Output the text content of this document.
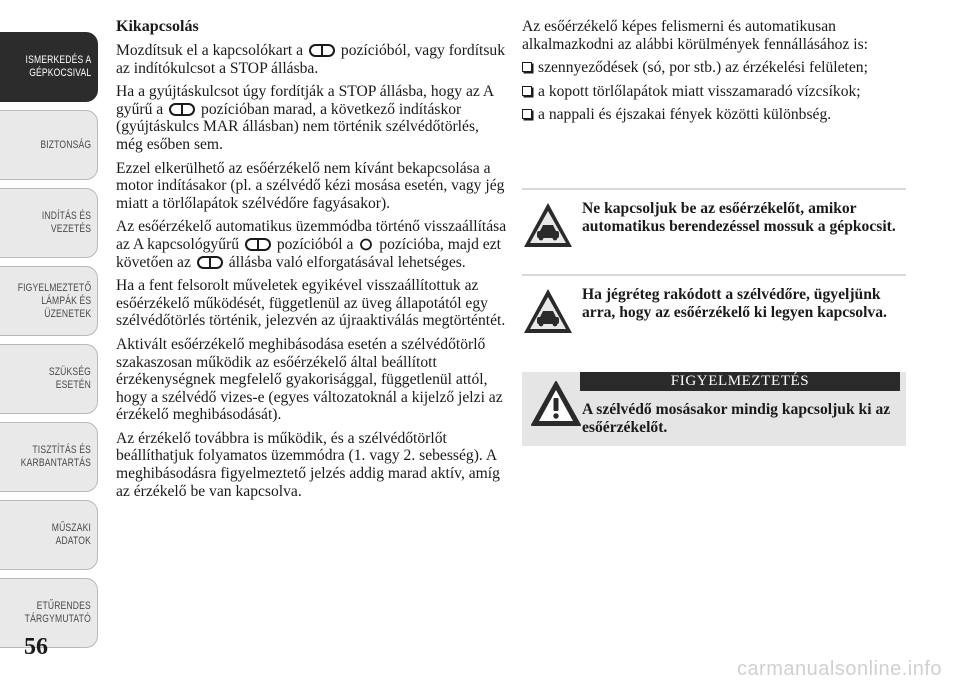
ISMERKEDÉS A
GÉPKOCSIVAL
BIZTONSÁG
INDÍTÁS ÉS
VEZETÉS
FIGYELMEZTETŐ
LÁMPÁK ÉS
ÜZENETEK
SZÜKSÉG ESETÉN
TISZTÍTÁS ÉS
KARBANTARTÁS
MŰSZAKI ADATOK
ETŰRENDES
TÁRGYMUTATÓ
56
Kikapcsolás

Mozdítsuk el a kapcsolókart a pozícióból, vagy fordítsuk az indítókulcsot a STOP állásba.

Ha a gyújtáskulcsot úgy fordítják a STOP állásba, hogy az A gyűrű a pozícióban marad, a következő indításkor (gyújtáskulcs MAR állásban) nem történik szélvédőtörlés, még esőben sem.

Ezzel elkerülhető az esőérzékelő nem kívánt bekapcsolása a motor indításakor (pl. a szélvédő kézi mosása esetén, vagy jég miatt a törlőlapátok szélvédőre fagyásakor).

Az esőérzékelő automatikus üzemmódba történő visszaállítása az A kapcsológyűrű pozícióból a pozícióba, majd ezt követően az állásba való elforgatásával lehetséges.

Ha a fent felsorolt műveletek egyikével visszaállítottuk az esőérzékelő működését, függetlenül az üveg állapotától egy szélvédőtörlés történik, jelezvén az újraaktiválás megtörténtét.

Aktivált esőérzékelő meghibásodása esetén a szélvédőtörlő szakaszosan működik az esőérzékelő által beállított érzékenységnek megfelelő gyakorisággal, függetlenül attól, hogy a szélvédő vizes-e (egyes változatoknál a kijelző jelzi az érzékelő meghibásodását).

Az érzékelő továbbra is működik, és a szélvédőtörlőt beállíthatjuk folyamatos üzemmódra (1. vagy 2. sebesség). A meghibásodásra figyelmeztető jelzés addig marad aktív, amíg az érzékelő be van kapcsolva.

Az esőérzékelő képes felismerni és automatikusan alkalmazkodni az alábbi körülmények fennállásához is:

szennyeződések (só, por stb.) az érzékelési felületen;
a kopott törlőlapátok miatt visszamaradó vízcsíkok;
a nappali és éjszakai fények közötti különbség.
Ne kapcsoljuk be az esőérzékelőt, amikor automatikus berendezéssel mossuk a gépkocsit.
Ha jégréteg rakódott a szélvédőre, ügyeljünk arra, hogy az esőérzékelő ki legyen kapcsolva.
FIGYELMEZTETÉS
A szélvédő mosásakor mindig kapcsoljuk ki az esőérzékelőt.
carmanualsonline.info
